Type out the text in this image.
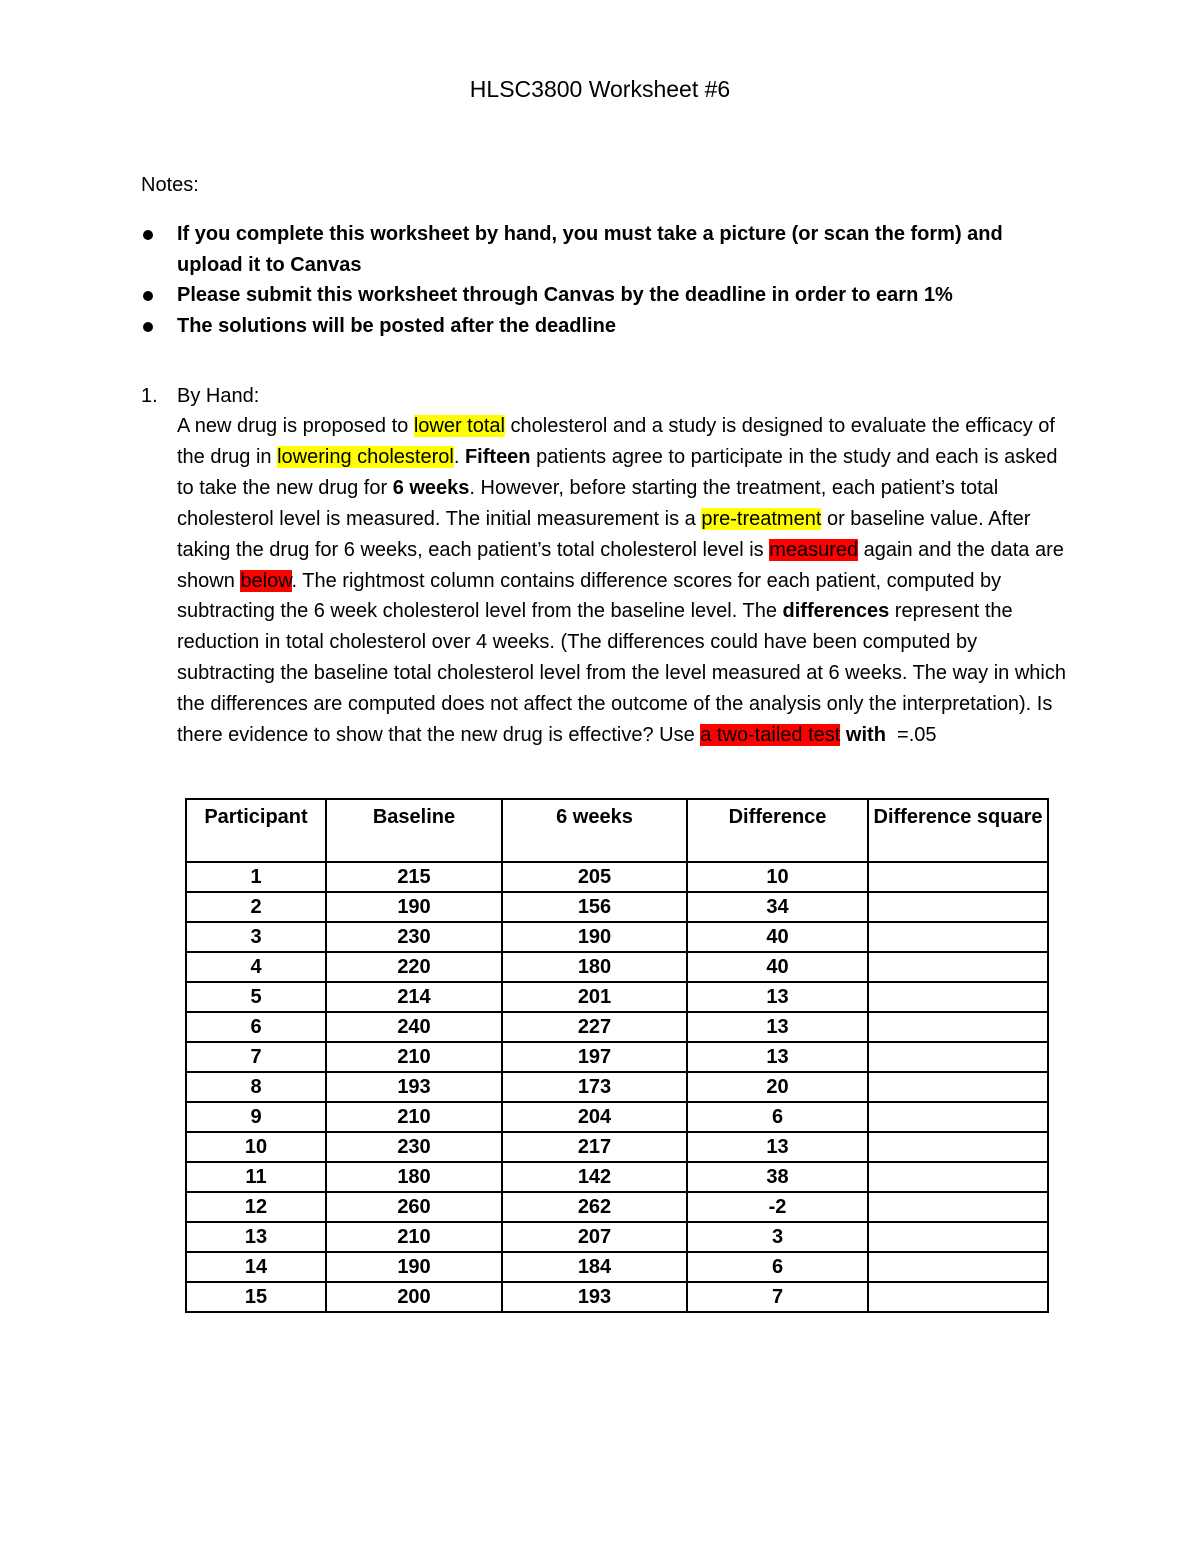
HLSC3800 Worksheet #6
Notes:
If you complete this worksheet by hand, you must take a picture (or scan the form) and upload it to Canvas
Please submit this worksheet through Canvas by the deadline in order to earn 1%
The solutions will be posted after the deadline
1. By Hand:
A new drug is proposed to lower total cholesterol and a study is designed to evaluate the efficacy of the drug in lowering cholesterol. Fifteen patients agree to participate in the study and each is asked to take the new drug for 6 weeks. However, before starting the treatment, each patient’s total cholesterol level is measured. The initial measurement is a pre-treatment or baseline value. After taking the drug for 6 weeks, each patient’s total cholesterol level is measured again and the data are shown below. The rightmost column contains difference scores for each patient, computed by subtracting the 6 week cholesterol level from the baseline level. The differences represent the reduction in total cholesterol over 4 weeks. (The differences could have been computed by subtracting the baseline total cholesterol level from the level measured at 6 weeks. The way in which the differences are computed does not affect the outcome of the analysis only the interpretation). Is there evidence to show that the new drug is effective? Use a two-tailed test with  =.05
Participant	Baseline	6 weeks	Difference	Difference square
1	215	205	10	
2	190	156	34	
3	230	190	40	
4	220	180	40	
5	214	201	13	
6	240	227	13	
7	210	197	13	
8	193	173	20	
9	210	204	6	
10	230	217	13	
11	180	142	38	
12	260	262	-2	
13	210	207	3	
14	190	184	6	
15	200	193	7	
